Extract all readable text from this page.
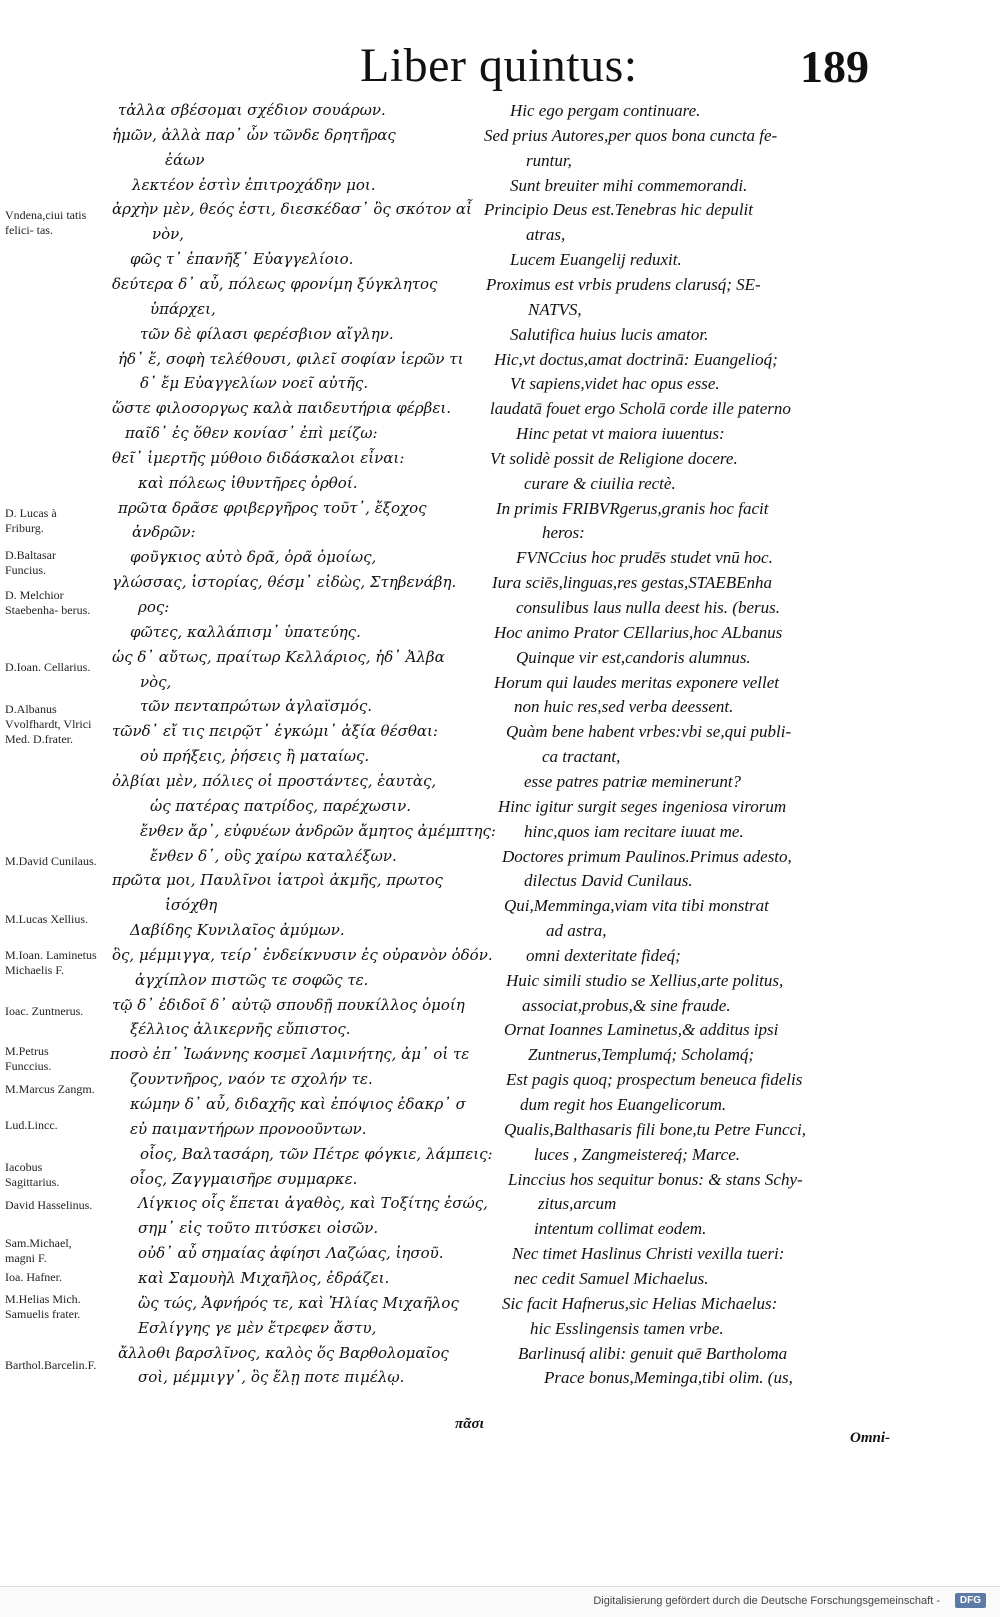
Liber quintus:	189
Vndena,ciui tatis felici- tas.
D. Lucas à Friburg.
D.Baltasar Funcius.
D. Melchior Staebenha- berus.
D.Ioan. Cellarius.
D.Albanus Vvolfhardt, Vlrici Med. D.frater.
M.David Cunilaus.
M.Lucas Xellius.
M.Ioan. Laminetus Michaelis F.
Ioac. Zuntnerus.
M.Petrus Funccius.
M.Marcus Zangm.
Lud.Lincc.
Iacobus Sagittarius.
David Hasselinus.
Sam.Michael, magni F.
Ioa. Hafner.
M.Helias Mich. Samuelis frater.
Barthol.Barcelin.F.
τἀλλα σβέσομαι σχέδιον σουάρων.
ἡμῶν, ἀλλὰ παρ᾽ ὧν τῶνδε δρητῆρας
ἐάων
λεκτέον ἐστὶν ἐπιτροχάδην μοι.
ἀρχὴν μὲν, θεός ἐστι, διεσκέδασ᾽ ὃς σκότον αἶ
νὸν,
φῶς τ᾽ ἐπανῆξ᾽ Εὐαγγελίοιο.
δεύτερα δ᾽ αὖ, πόλεως φρονίμη ξύγκλητος
ὑπάρχει,
τῶν δὲ φίλασι φερέσβιον αἴγλην.
ἠδ᾽ ἔ, σοφὴ τελέθουσι, φιλεῖ σοφίαν ἱερῶν τι
δ᾽ ἔμ Εὐαγγελίων νοεῖ αὐτῆς.
ὥστε φιλοσοργως καλὰ παιδευτήρια φέρβει.
παῖδ᾽ ἐς ὅθεν κονίασ᾽ ἐπὶ μείζω:
θεῖ᾽ ἱμερτῆς μύθοιο διδάσκαλοι εἶναι:
καὶ πόλεως ἰθυντῆρες ὀρθοί.
πρῶτα δρᾶσε φριβεργῆρος τοῦτ᾽, ἔξοχος
ἀνδρῶν:
φοῦγκιος αὐτὸ δρᾶ, ὁρᾶ ὁμοίως,
γλώσσας, ἱστορίας, θέσμ᾽ εἰδὼς, Στηβενάβη.
ρος:
φῶτες, καλλάπισμ᾽ ὑπατεύης.
ὡς δ᾽ αὔτως, πραίτωρ Κελλάριος, ἠδ᾽ Ἀλβα
νὸς,
τῶν πενταπρώτων ἀγλαϊσμός.
τῶνδ᾽ εἴ τις πειρῷτ᾽ ἐγκώμι᾽ ἀξία θέσθαι:
οὐ πρήξεις, ῥήσεις ἢ ματαίως.
ὀλβίαι μὲν, πόλιες οἱ προστάντες, ἑαυτὰς,
ὡς πατέρας πατρίδος, παρέχωσιν.
ἔνθεν ἄρ᾽, εὐφυέων ἀνδρῶν ἄμητος ἀμέμπτης:
ἔνθεν δ᾽, οὓς χαίρω καταλέξων.
πρῶτα μοι, Παυλῖνοι ἰατροὶ ἀκμῆς, πρωτος
ἰσόχθη
Δαβίδης Κυνιλαῖος ἀμύμων.
ὃς, μέμμιγγα, τείρ᾽ ἐνδείκνυσιν ἐς οὐρανὸν ὁδόν.
ἀγχίπλον πιστῶς τε σοφῶς τε.
τῷ δ᾽ ἐδιδοῖ δ᾽ αὐτῷ σπουδῇ πουκίλλος ὁμοίη
ξέλλιος ἀλικερνῆς εὔπιστος.
ποσὸ ἐπ᾽ Ἰωάννης κοσμεῖ Λαμινήτης, ἀμ᾽ οἱ τε
ζουντνῆρος, ναόν τε σχολήν τε.
κώμην δ᾽ αὖ, διδαχῆς καὶ ἐπόψιος ἐδακρ᾽ σ
εὐ παιμαντήρων προνοοῦντων.
οἷος, Βαλτασάρη, τῶν Πέτρε φόγκιε, λάμπεις:
οἷος, Ζαγγμαισῆρε συμμαρκε.
Λίγκιος οἷς ἕπεται ἀγαθὸς, καὶ Τοξίτης ἐσώς,
σημ᾽ εἰς τοῦτο πιτύσκει οἰσῶν.
οὐδ᾽ αὖ σημαίας ἀφίησι Λαζώας, ἰησοῦ.
καὶ Σαμουὴλ Μιχαῆλος, ἐδράζει.
ὣς τώς, Ἀφνήρός τε, καὶ Ἠλίας Μιχαῆλος
Εσλίγγης γε μὲν ἔτρεφεν ἄστυ,
ἄλλοθι βαρσλῖνος, καλὸς ὅς Βαρθολομαῖος
σοὶ, μέμμιγγ᾽, ὃς ἔλῃ ποτε πιμέλῳ.
Hic ego pergam continuare.
Sed prius Autores,per quos bona cuncta fe-
runtur,
Sunt breuiter mihi commemorandi.
Principio Deus est.Tenebras hic depulit
atras,
Lucem Euangelij reduxit.
Proximus est vrbis prudens clarusq́; SE-
NATVS,
Salutifica huius lucis amator.
Hic,vt doctus,amat doctrinā: Euangelioq́;
Vt sapiens,videt hac opus esse.
laudatā fouet ergo Scholā corde ille paterno
Hinc petat vt maiora iuuentus:
Vt solidè possit de Religione docere.
curare & ciuilia rectè.
In primis FRIBVRgerus,granis hoc facit
heros:
FVNCcius hoc prudēs studet vnū hoc.
Iura sciēs,linguas,res gestas,STAEBEnha
consulibus laus nulla deest his. (berus.
Hoc animo Prator CEllarius,hoc ALbanus
Quinque vir est,candoris alumnus.
Horum qui laudes meritas exponere vellet
non huic res,sed verba deessent.
Quàm bene habent vrbes:vbi se,qui publi-
ca tractant,
esse patres patriæ meminerunt?
Hinc igitur surgit seges ingeniosa virorum
hinc,quos iam recitare iuuat me.
Doctores primum Paulinos.Primus adesto,
dilectus David Cunilaus.
Qui,Memminga,viam vita tibi monstrat
ad astra,
omni dexteritate fideq́;
Huic simili studio se Xellius,arte politus,
associat,probus,& sine fraude.
Ornat Ioannes Laminetus,& additus ipsi
Zuntnerus,Templumq́; Scholamq́;
Est pagis quoq; prospectum beneuca fidelis
dum regit hos Euangelicorum.
Qualis,Balthasaris fili bone,tu Petre Funcci,
luces , Zangmeistereq́; Marce.
Linccius hos sequitur bonus: & stans Schy-
zitus,arcum
intentum collimat eodem.
Nec timet Haslinus Christi vexilla tueri:
nec cedit Samuel Michaelus.
Sic facit Hafnerus,sic Helias Michaelus:
hic Esslingensis tamen vrbe.
Barlinusq́ alibi: genuit quē Bartholoma
Prace bonus,Meminga,tibi olim. (us,
πᾶσι
Omni-
Digitalisierung gefördert durch die Deutsche Forschungsgemeinschaft -	DFG
